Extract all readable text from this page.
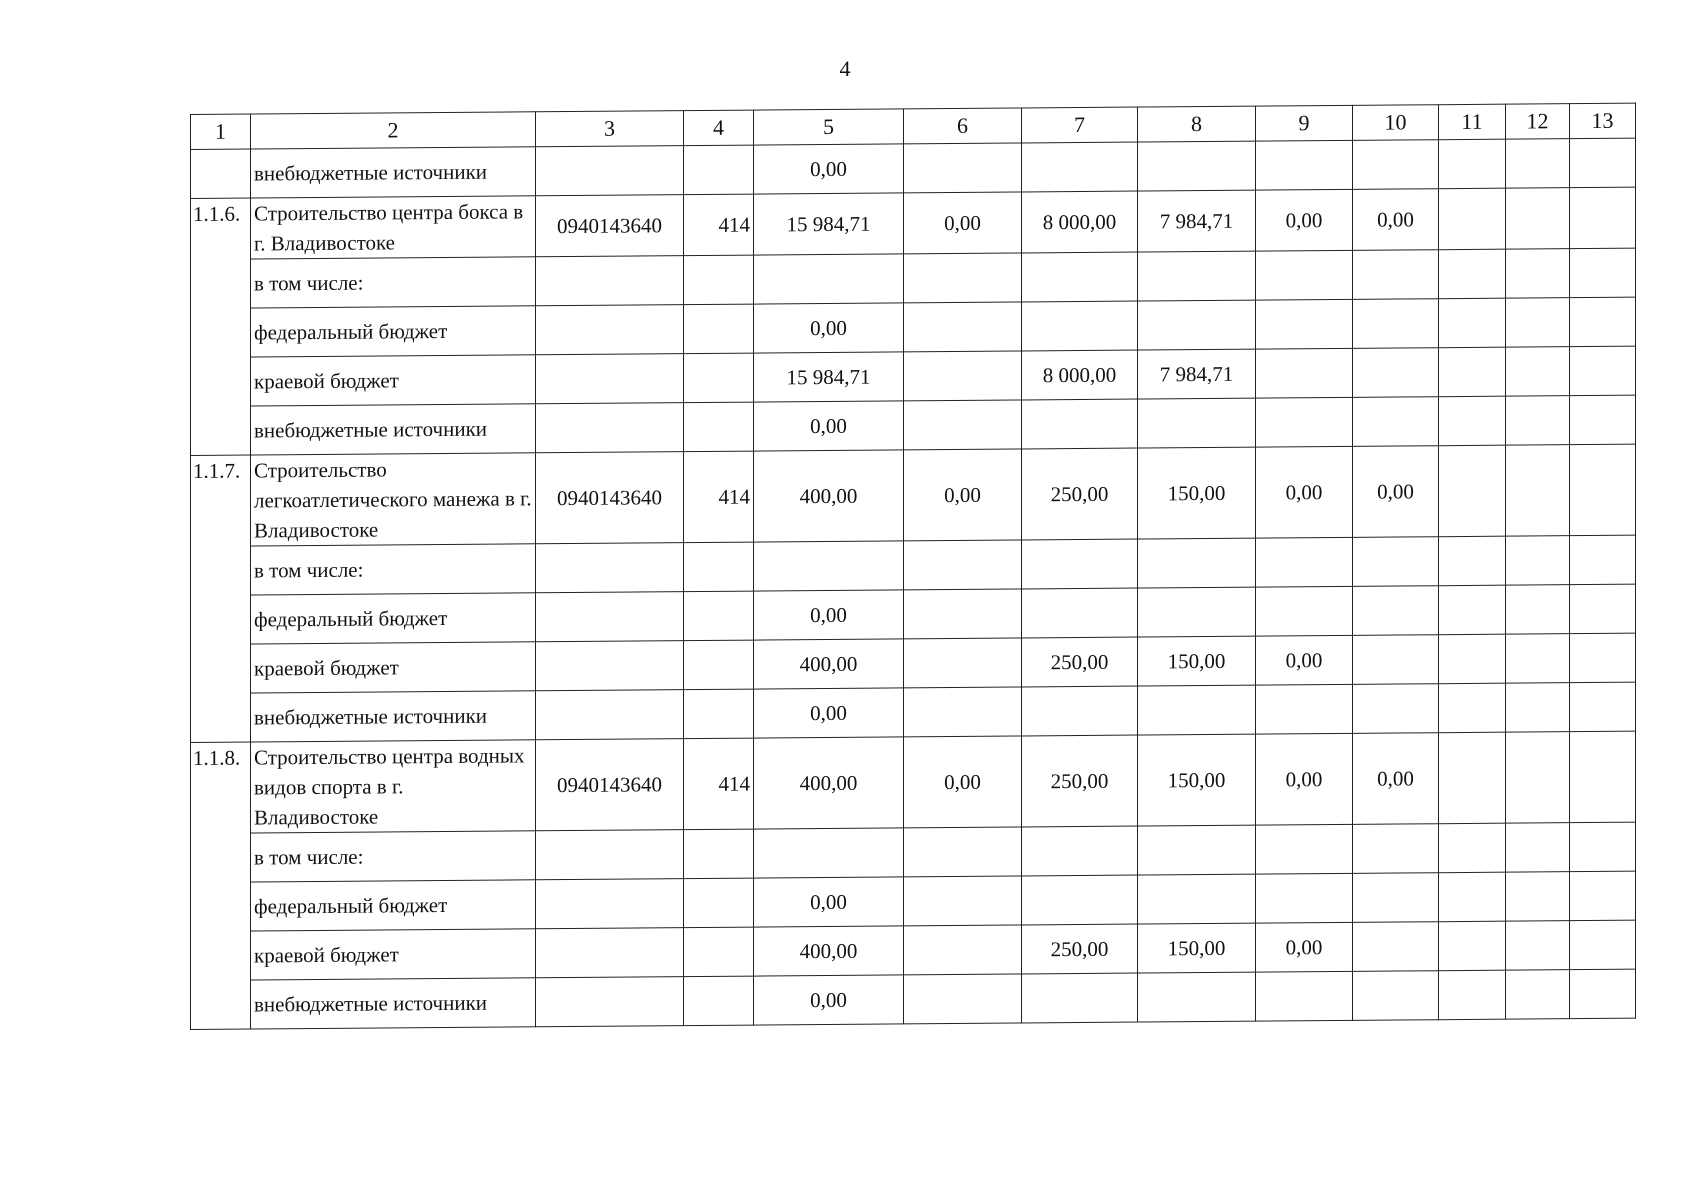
4
1	2	3	4	5	6	7	8	9	10	11	12	13
	внебюджетные источники			0,00								
1.1.6.	Строительство центра бокса в г. Владивостоке	0940143640	414	15 984,71	0,00	8 000,00	7 984,71	0,00	0,00			
	в том числе:											
	федеральный бюджет			0,00								
	краевой бюджет			15 984,71		8 000,00	7 984,71					
	внебюджетные источники			0,00								
1.1.7.	Строительство легкоатлетического манежа в г. Владивостоке	0940143640	414	400,00	0,00	250,00	150,00	0,00	0,00			
	в том числе:											
	федеральный бюджет			0,00								
	краевой бюджет			400,00		250,00	150,00	0,00				
	внебюджетные источники			0,00								
1.1.8.	Строительство центра водных видов спорта в г. Владивостоке	0940143640	414	400,00	0,00	250,00	150,00	0,00	0,00			
	в том числе:											
	федеральный бюджет			0,00								
	краевой бюджет			400,00		250,00	150,00	0,00				
	внебюджетные источники			0,00								
